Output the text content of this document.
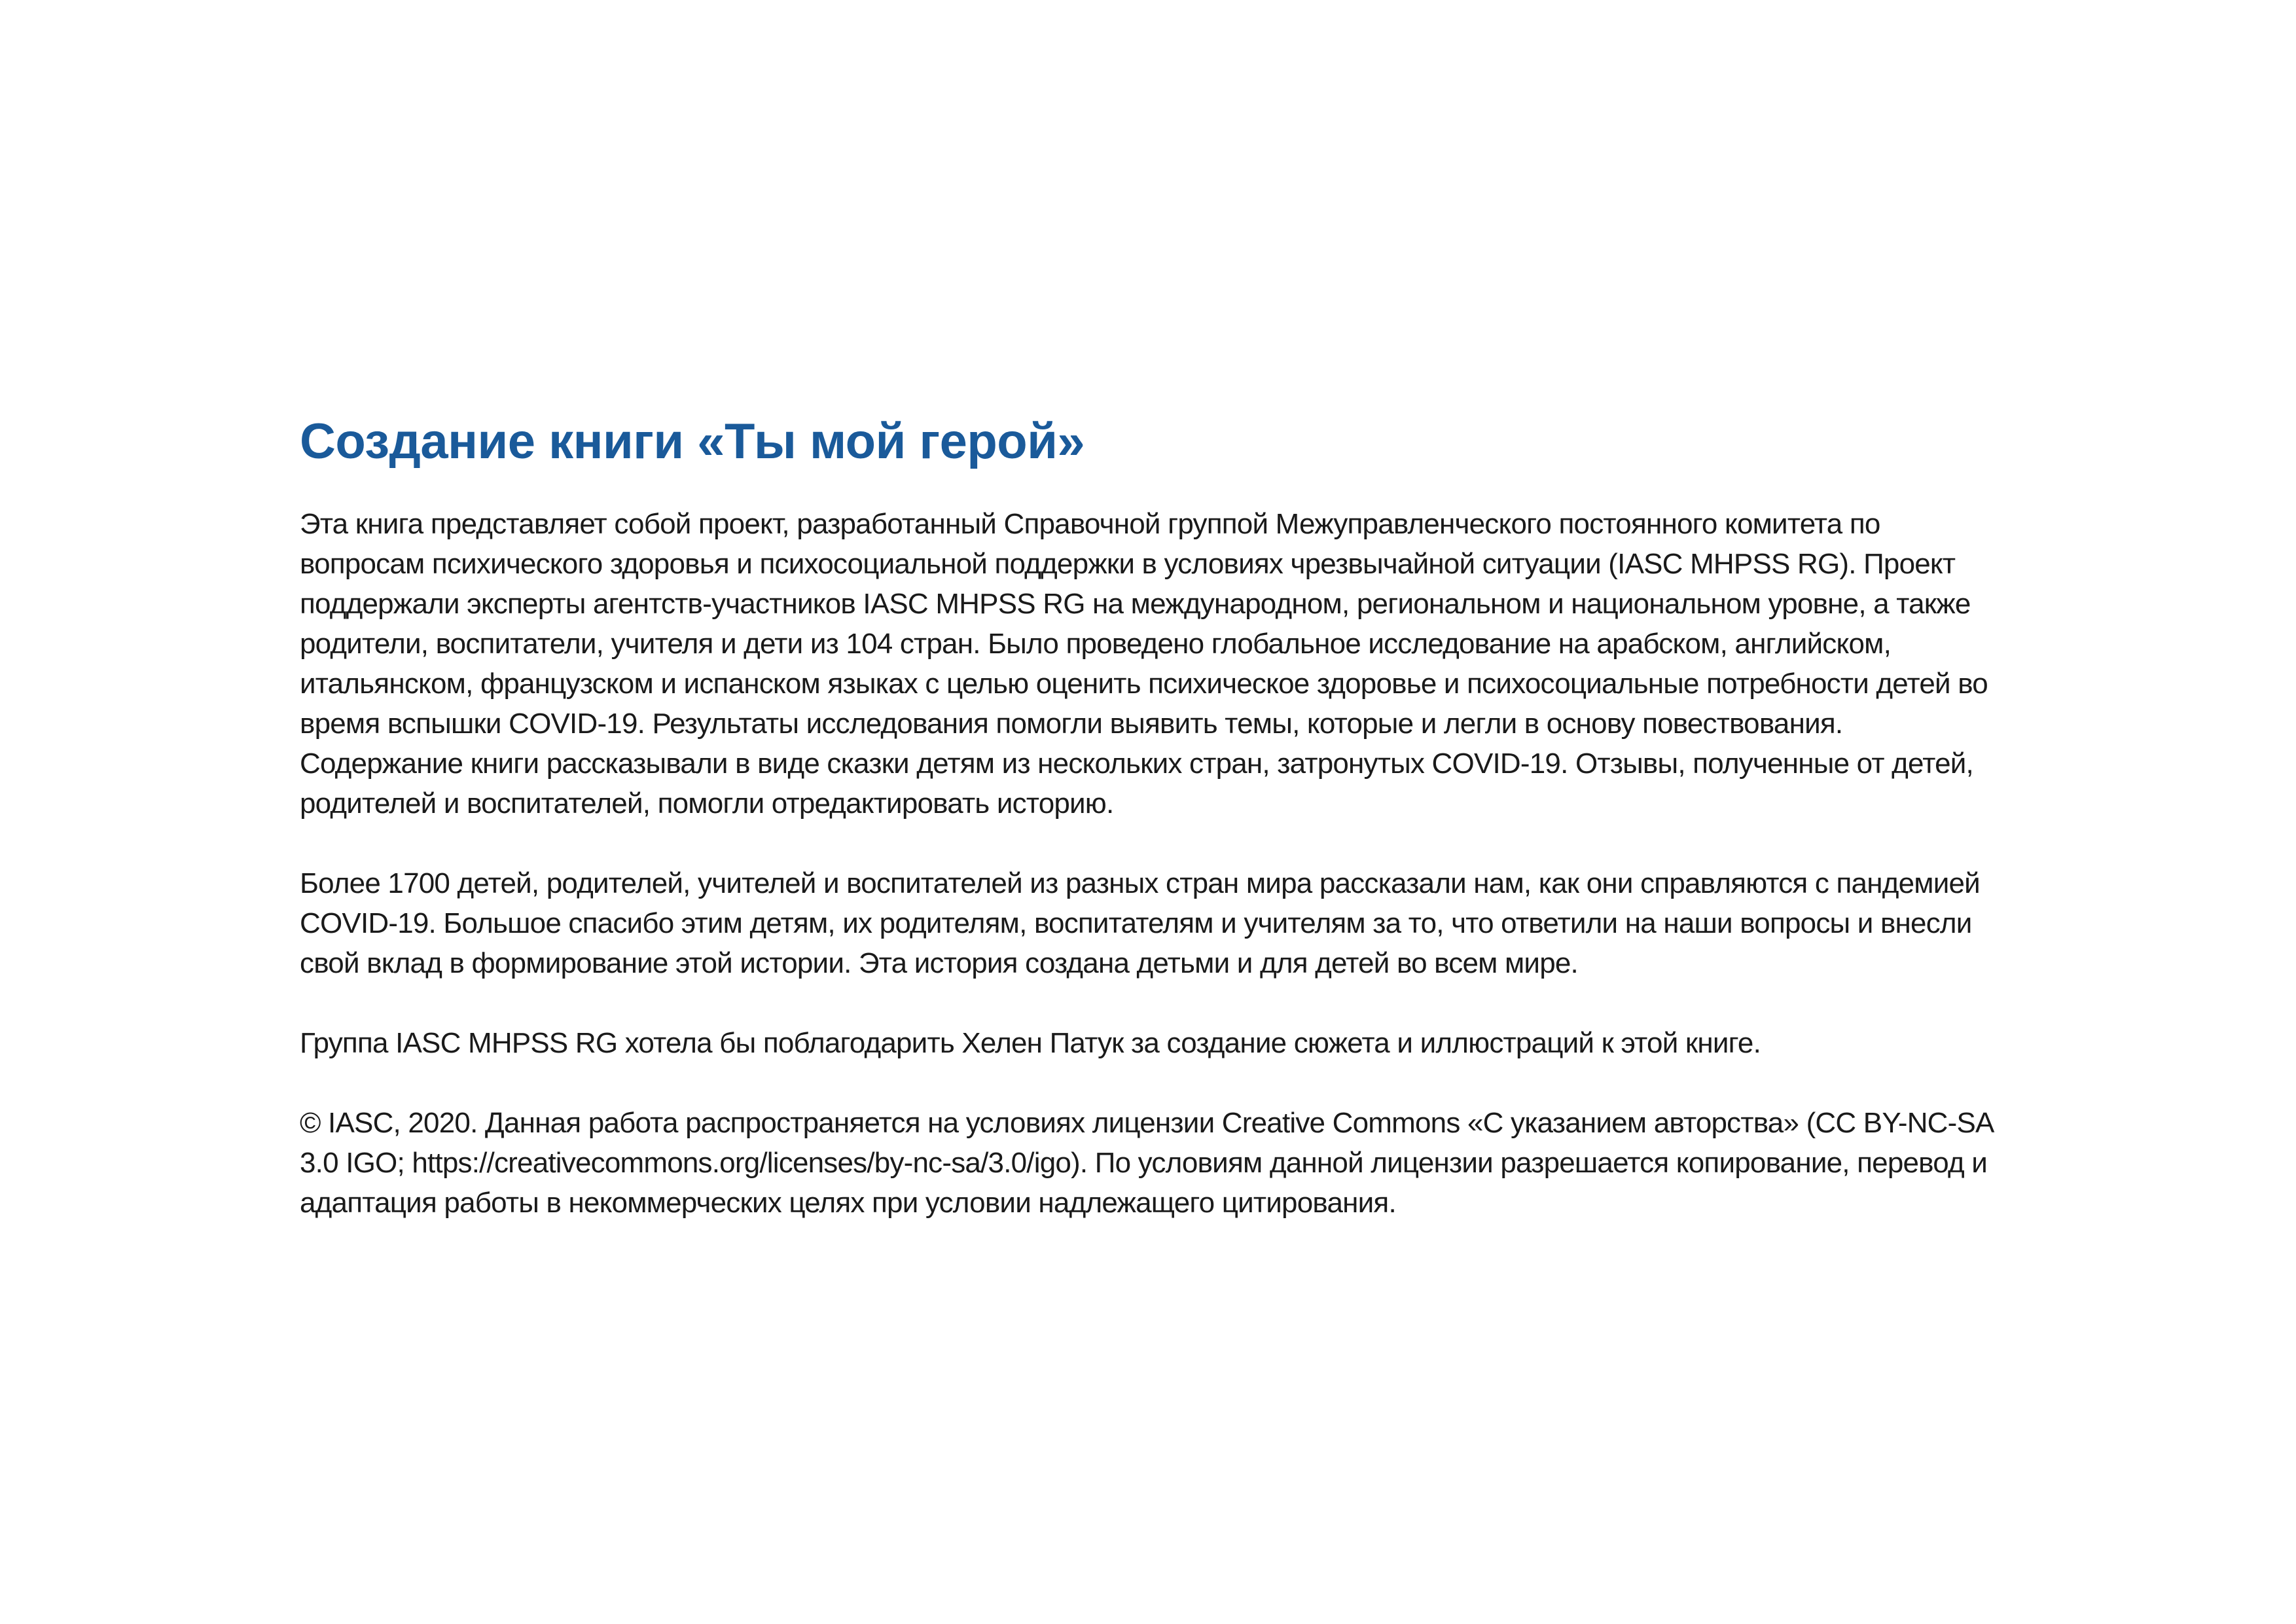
Создание книги «Ты мой герой»

Эта книга представляет собой проект, разработанный Справочной группой Межуправленческого постоянного комитета по вопросам психического здоровья и психосоциальной поддержки в условиях чрезвычайной ситуации (IASC MHPSS RG). Проект поддержали эксперты агентств-участников IASC MHPSS RG на международном, региональном и национальном уровне, а также родители, воспитатели, учителя и дети из 104 стран. Было проведено глобальное исследование на арабском, английском, итальянском, французском и испанском языках с целью оценить психическое здоровье и психосоциальные потребности детей во время вспышки COVID-19. Результаты исследования помогли выявить темы, которые и легли в основу повествования. Содержание книги рассказывали в виде сказки детям из нескольких стран, затронутых COVID-19. Отзывы, полученные от детей, родителей и воспитателей, помогли отредактировать историю.

Более 1700 детей, родителей, учителей и воспитателей из разных стран мира рассказали нам, как они справляются с пандемией COVID-19. Большое спасибо этим детям, их родителям, воспитателям и учителям за то, что ответили на наши вопросы и внесли свой вклад в формирование этой истории. Эта история создана детьми и для детей во всем мире.

Группа IASC MHPSS RG хотела бы поблагодарить Хелен Патук за создание сюжета и иллюстраций к этой книге.

© IASC, 2020. Данная работа распространяется на условиях лицензии Creative Commons «С указанием авторства» (CC BY-NC-SA 3.0 IGO; https://creativecommons.org/licenses/by-nc-sa/3.0/igo). По условиям данной лицензии разрешается копирование, перевод и адаптация работы в некоммерческих целях при условии надлежащего цитирования.
